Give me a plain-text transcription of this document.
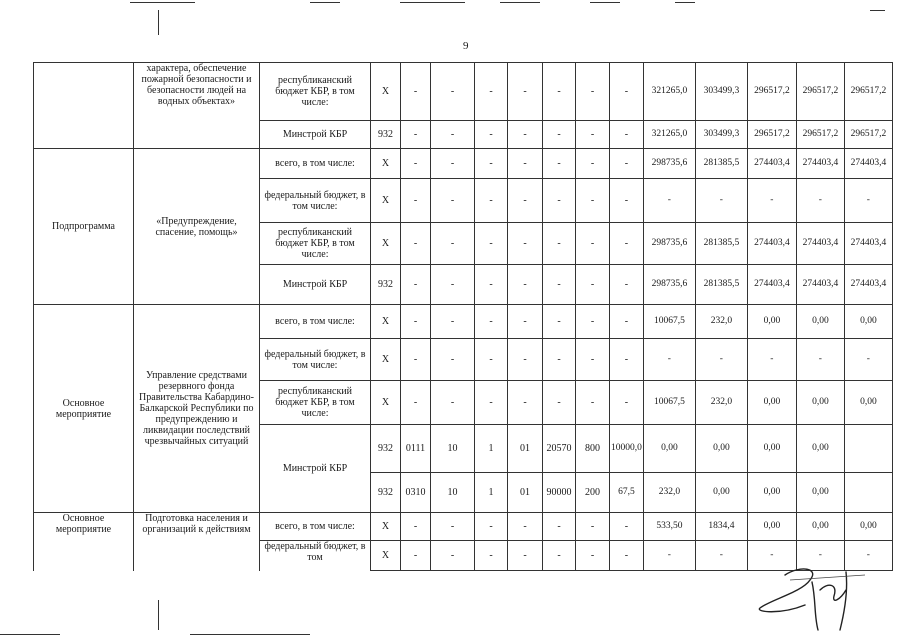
9
	характера, обеспечение пожарной безопасности и безопасности людей на водных объектах»	республиканский бюджет КБР, в том числе:	X	-	-	-	-	-	-	-	321265,0	303499,3	296517,2	296517,2	296517,2
		Минстрой КБР	932	-	-	-	-	-	-	-	321265,0	303499,3	296517,2	296517,2	296517,2
Подпрограмма	«Предупреждение, спасение, помощь»	всего, в том числе:	X	-	-	-	-	-	-	-	298735,6	281385,5	274403,4	274403,4	274403,4
		федеральный бюджет, в том числе:	X	-	-	-	-	-	-	-	-	-	-	-	-
		республиканский бюджет КБР, в том числе:	X	-	-	-	-	-	-	-	298735,6	281385,5	274403,4	274403,4	274403,4
		Минстрой КБР	932	-	-	-	-	-	-	-	298735,6	281385,5	274403,4	274403,4	274403,4
Основное мероприятие	Управление средствами резервного фонда Правительства Кабардино-Балкарской Республики по предупреждению и ликвидации последствий чрезвычайных ситуаций	всего, в том числе:	X	-	-	-	-	-	-	-	10067,5	232,0	0,00	0,00	0,00
		федеральный бюджет, в том числе:	X	-	-	-	-	-	-	-	-	-	-	-	-
		республиканский бюджет КБР, в том числе:	X	-	-	-	-	-	-	-	10067,5	232,0	0,00	0,00	0,00
		Минстрой КБР	932	0111	10	1	01	20570	800	10000,0	0,00	0,00	0,00	0,00	
			932	0310	10	1	01	90000	200	67,5	232,0	0,00	0,00	0,00	
Основное мероприятие	Подготовка населения и организаций к действиям	всего, в том числе:	X	-	-	-	-	-	-	-	533,50	1834,4	0,00	0,00	0,00
		федеральный бюджет, в том	X	-	-	-	-	-	-	-	-	-	-	-	-
